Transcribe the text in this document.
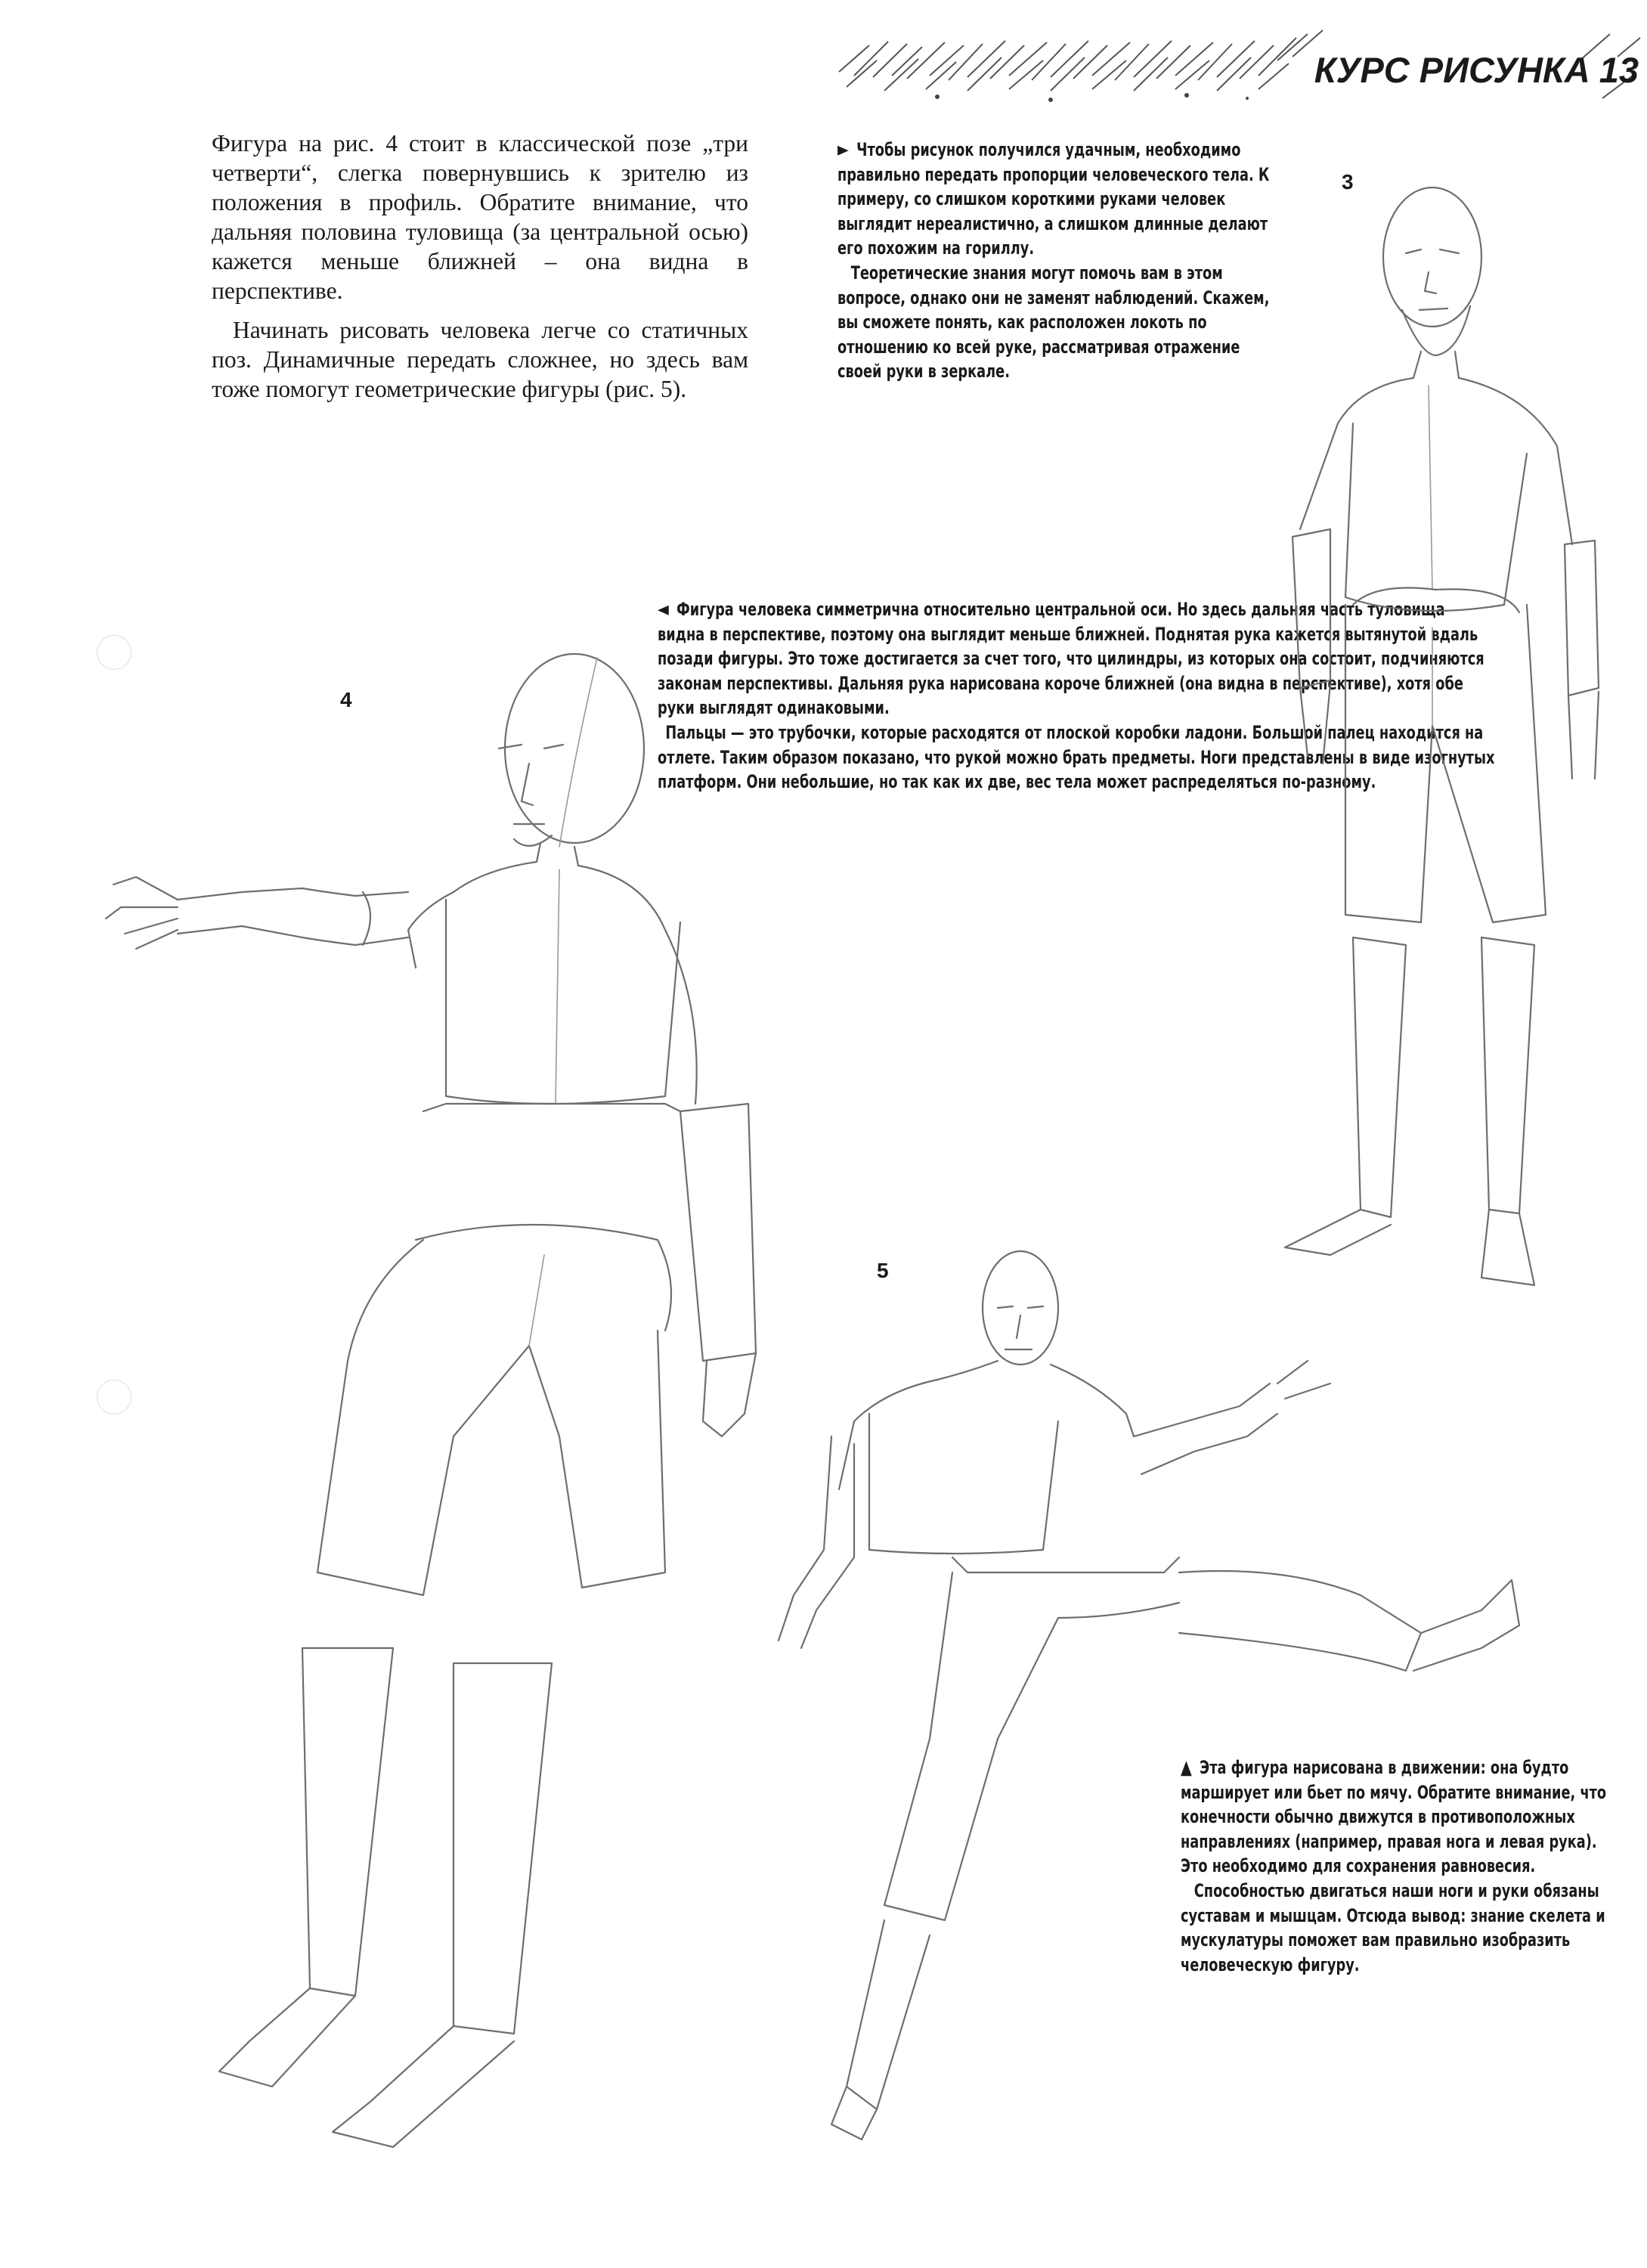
КУРС РИСУНКА 13

Фигура на рис. 4 стоит в классической позе „три четверти“, слегка повернувшись к зрителю из положения в профиль. Обратите внимание, что дальняя половина туловища (за центральной осью) кажется меньше ближней – она видна в перспективе.

Начинать рисовать человека легче со статичных поз. Динамичные передать сложнее, но здесь вам тоже помогут геометрические фигуры (рис. 5).

► Чтобы рисунок получился удачным, необходимо правильно передать пропорции человеческого тела. К примеру, со слишком короткими руками человек выглядит нереалистично, а слишком длинные делают его похожим на гориллу.

Теоретические знания могут помочь вам в этом вопросе, однако они не заменят наблюдений. Скажем, вы сможете понять, как расположен локоть по отношению ко всей руке, рассматривая отражение своей руки в зеркале.

◄ Фигура человека симметрична относительно центральной оси. Но здесь дальняя часть туловища видна в перспективе, поэтому она выглядит меньше ближней. Поднятая рука кажется вытянутой вдаль позади фигуры. Это тоже достигается за счет того, что цилиндры, из которых она состоит, подчиняются законам перспективы. Дальняя рука нарисована короче ближней (она видна в перспективе), хотя обе руки выглядят одинаковыми.

Пальцы — это трубочки, которые расходятся от плоской коробки ладони. Большой палец находится на отлете. Таким образом показано, что рукой можно брать предметы. Ноги представлены в виде изогнутых платформ. Они небольшие, но так как их две, вес тела может распределяться по-разному.

▲ Эта фигура нарисована в движении: она будто марширует или бьет по мячу. Обратите внимание, что конечности обычно движутся в противоположных направлениях (например, правая нога и левая рука). Это необходимо для сохранения равновесия.

Способностью двигаться наши ноги и руки обязаны суставам и мышцам. Отсюда вывод: знание скелета и мускулатуры поможет вам правильно изобразить человеческую фигуру.

3
4
5
